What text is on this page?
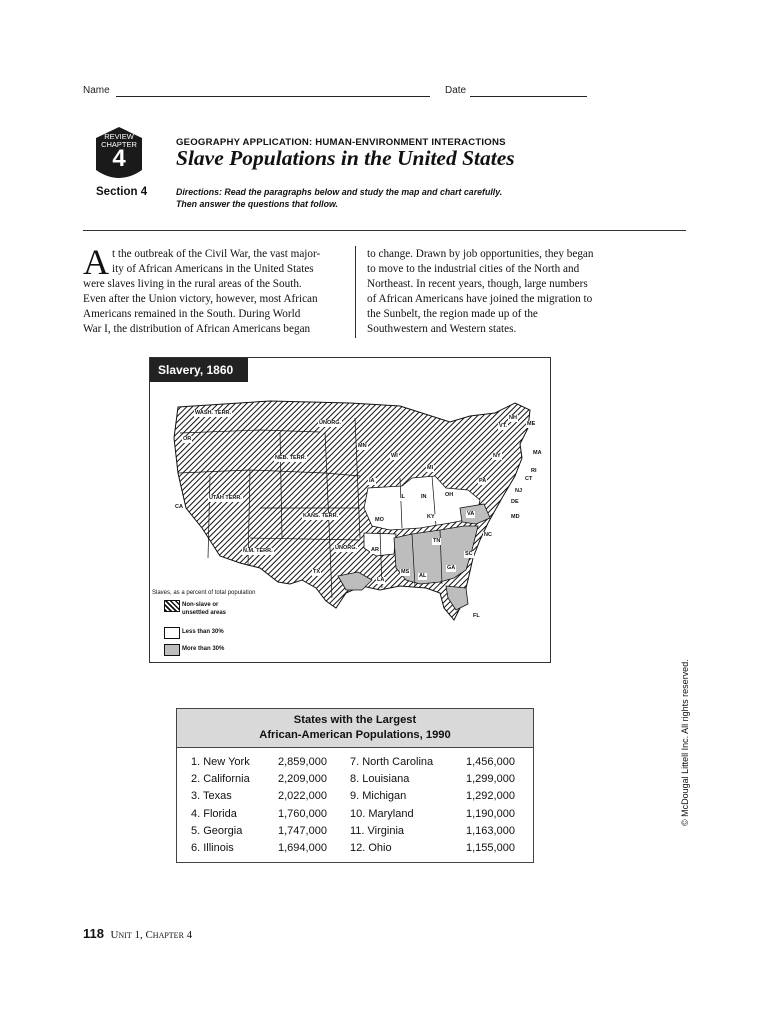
Name	Date
REVIEW
CHAPTER
4
Section 4
GEOGRAPHY APPLICATION: HUMAN-ENVIRONMENT INTERACTIONS
Slave Populations in the United States
Directions: Read the paragraphs below and study the map and chart carefully.
Then answer the questions that follow.
A t the outbreak of the Civil War, the vast major-
ity of African Americans in the United States
were slaves living in the rural areas of the South.
Even after the Union victory, however, most African
Americans remained in the South. During World
War I, the distribution of African Americans began
to change. Drawn by job opportunities, they began
to move to the industrial cities of the North and
Northeast. In recent years, though, large numbers
of African Americans have joined the migration to
the Sunbelt, the region made up of the
Southwestern and Western states.
Slavery, 1860
WASH. TERR.
UNORG.
OR
NEB. TERR.
MN
WI
MI
NY
VT.
NH
ME
MA
RI
CT
NJ
PA
IA
IL	IN	OH
DE
MD
VA
KY
CA
UTAH TERR.
KANS. TERR.
MO
NC
TN
N.M. TERR.	UNORG.	AR
SC
MS
AL
GA
LA
TX
FL
Slaves, as a percent of total population
Non-slave or unsettled areas
Less than 30%
More than 30%
States with the Largest
African-American Populations, 1990
1. New York	2,859,000
2. California	2,209,000
3. Texas	2,022,000
4. Florida	1,760,000
5. Georgia	1,747,000
6. Illinois	1,694,000
7. North Carolina	1,456,000
8. Louisiana	1,299,000
9. Michigan	1,292,000
10. Maryland	1,190,000
11. Virginia	1,163,000
12. Ohio	1,155,000
© McDougal Littell Inc. All rights reserved.
118 Unit 1, Chapter 4
